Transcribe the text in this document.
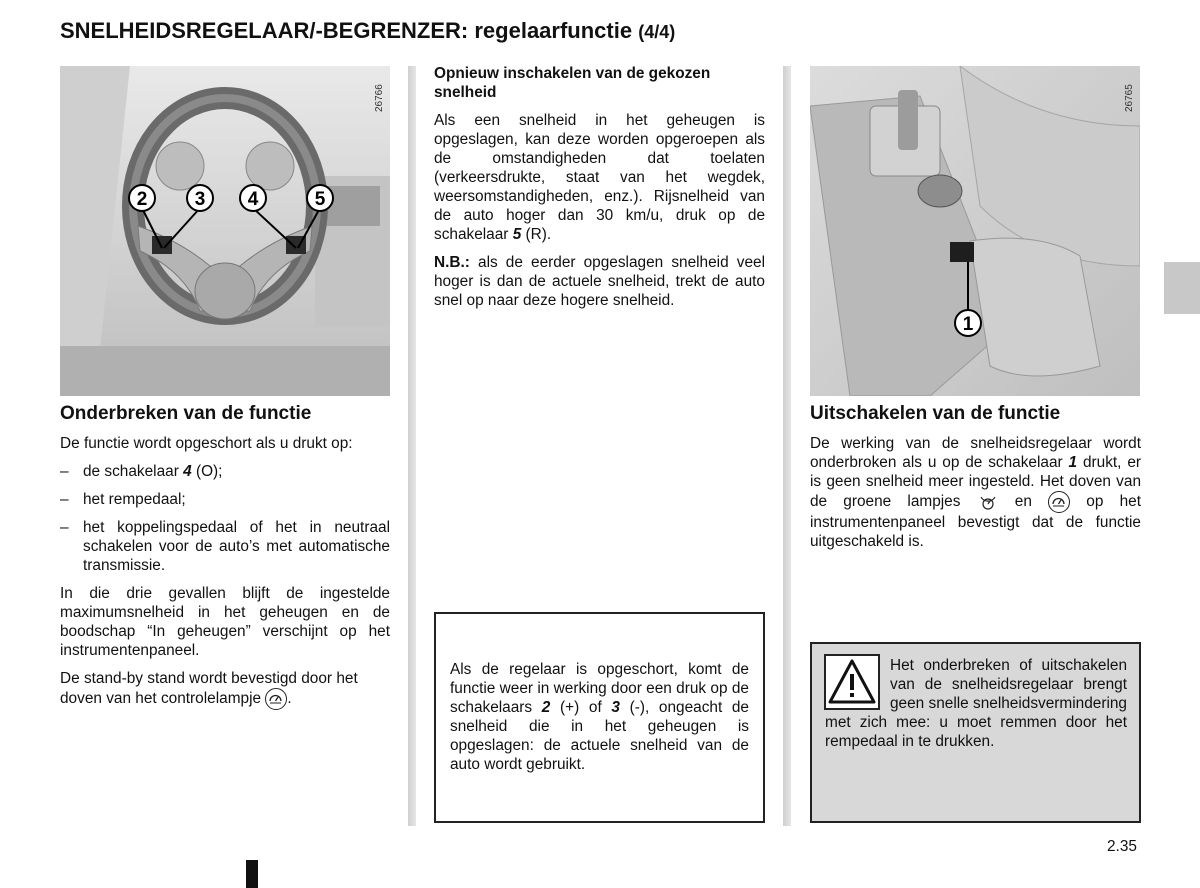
SNELHEIDSREGELAAR/-BEGRENZER: regelaarfunctie (4/4)
2 3 4	5
26766
1
26765
Onderbreken van de functie

De functie wordt opgeschort als u drukt op:

– de schakelaar 4 (O);
– het rempedaal;
– het koppelingspedaal of het in neutraal schakelen voor de auto’s met automatische transmissie.

In die drie gevallen blijft de ingestelde maximumsnelheid in het geheugen en de boodschap “In geheugen” verschijnt op het instrumentenpaneel.

De stand-by stand wordt bevestigd door het doven van het controlelampje .

Opnieuw inschakelen van de gekozen snelheid

Als een snelheid in het geheugen is opgeslagen, kan deze worden opgeroepen als de omstandigheden dat toelaten (verkeersdrukte, staat van het wegdek, weersomstandigheden, enz.). Rijsnelheid van de auto hoger dan 30 km/u, druk op de schakelaar 5 (R).

N.B.: als de eerder opgeslagen snelheid veel hoger is dan de actuele snelheid, trekt de auto snel op naar deze hogere snelheid.

Als de regelaar is opgeschort, komt de functie weer in werking door een druk op de schakelaars 2 (+) of 3 (-), ongeacht de snelheid die in het geheugen is opgeslagen: de actuele snelheid van de auto wordt gebruikt.

Uitschakelen van de functie

De werking van de snelheidsregelaar wordt onderbroken als u op de schakelaar 1 drukt, er is geen snelheid meer ingesteld. Het doven van de groene lampjes
en
op het instrumentenpaneel bevestigt dat de functie uitgeschakeld is.

Het onderbreken of uitschakelen van de snelheidsregelaar brengt geen snelle snelheidsvermindering met zich mee: u moet remmen door het rempedaal in te drukken.

2.35
